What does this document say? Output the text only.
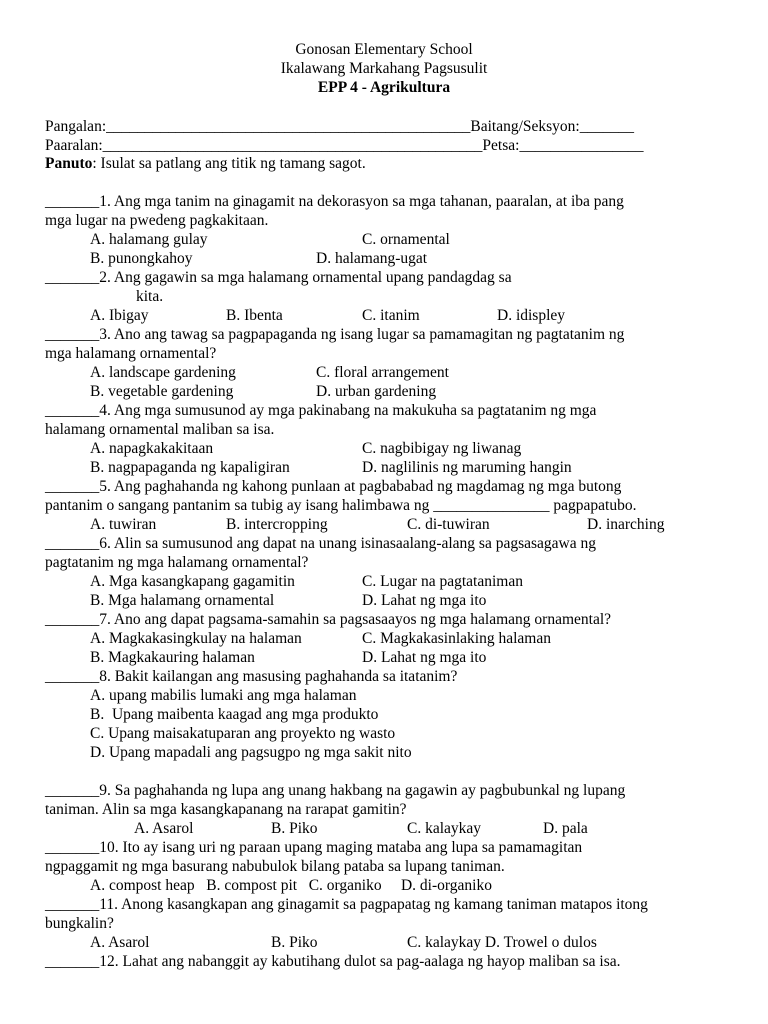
Gonosan Elementary School
Ikalawang Markahang Pagsusulit
EPP 4 - Agrikultura
Pangalan:_______________________________________________Baitang/Seksyon:_______
Paaralan:_________________________________________________Petsa:________________
Panuto: Isulat sa patlang ang titik ng tamang sagot.
_______1. Ang mga tanim na ginagamit na dekorasyon sa mga tahanan, paaralan, at iba pang
mga lugar na pwedeng pagkakitaan.
A. halamang gulay	C. ornamental
B. punongkahoy	D. halamang-ugat
_______2. Ang gagawin sa mga halamang ornamental upang pandagdag sa
kita.
A. Ibigay	B. Ibenta	C. itanim	D. idispley
_______3. Ano ang tawag sa pagpapaganda ng isang lugar sa pamamagitan ng pagtatanim ng
mga halamang ornamental?
A. landscape gardening	C. floral arrangement
B. vegetable gardening	D. urban gardening
_______4. Ang mga sumusunod ay mga pakinabang na makukuha sa pagtatanim ng mga
halamang ornamental maliban sa isa.
A. napagkakakitaan	C. nagbibigay ng liwanag
B. nagpapaganda ng kapaligiran	D. naglilinis ng maruming hangin
_______5. Ang paghahanda ng kahong punlaan at pagbababad ng magdamag ng mga butong
pantanim o sangang pantanim sa tubig ay isang halimbawa ng _______________ pagpapatubo.
A. tuwiran	B. intercropping	C. di-tuwiran	D. inarching
_______6. Alin sa sumusunod ang dapat na unang isinasaalang-alang sa pagsasagawa ng
pagtatanim ng mga halamang ornamental?
A. Mga kasangkapang gagamitin	C. Lugar na pagtataniman
B. Mga halamang ornamental	D. Lahat ng mga ito
_______7. Ano ang dapat pagsama-samahin sa pagsasaayos ng mga halamang ornamental?
A. Magkakasingkulay na halaman	C. Magkakasinlaking halaman
B. Magkakauring halaman	D. Lahat ng mga ito
_______8. Bakit kailangan ang masusing paghahanda sa itatanim?
A. upang mabilis lumaki ang mga halaman
B.  Upang maibenta kaagad ang mga produkto
C. Upang maisakatuparan ang proyekto ng wasto
D. Upang mapadali ang pagsugpo ng mga sakit nito
_______9. Sa paghahanda ng lupa ang unang hakbang na gagawin ay pagbubunkal ng lupang
taniman. Alin sa mga kasangkapanang na rarapat gamitin?
A. Asarol	B. Piko	C. kalaykay	D. pala
_______10. Ito ay isang uri ng paraan upang maging mataba ang lupa sa pamamagitan
ngpaggamit ng mga basurang nabubulok bilang pataba sa lupang taniman.
A. compost heap   B. compost pit   C. organiko     D. di-organiko
_______11. Anong kasangkapan ang ginagamit sa pagpapatag ng kamang taniman matapos itong
bungkalin?
A. Asarol	B. Piko	C. kalaykay D. Trowel o dulos
_______12. Lahat ang nabanggit ay kabutihang dulot sa pag-aalaga ng hayop maliban sa isa.
